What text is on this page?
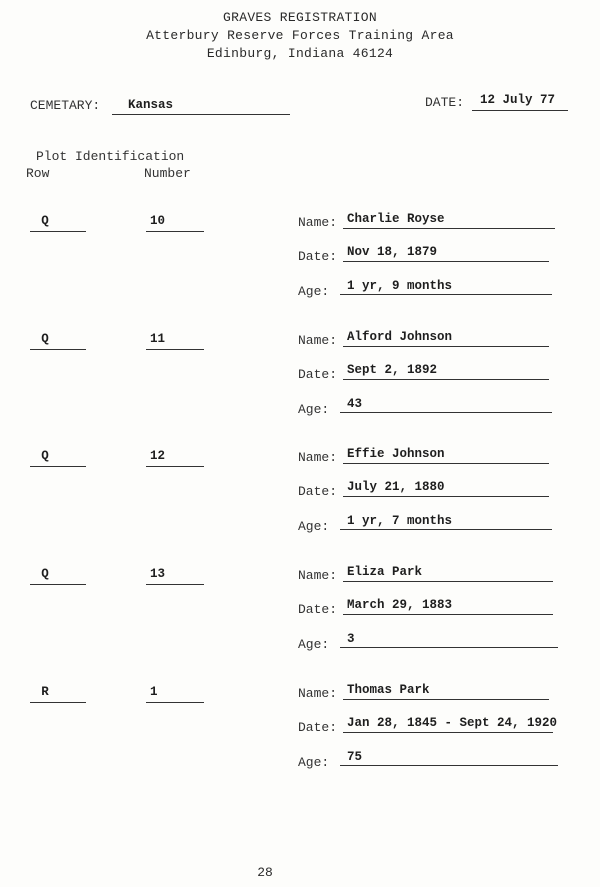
GRAVES REGISTRATION
Atterbury Reserve Forces Training Area
Edinburg, Indiana 46124
CEMETARY: Kansas	DATE: 12 July 77
Plot Identification
Row	Number
Q	10	Name: Charlie Royse
Date: Nov 18, 1879
Age: 1 yr, 9 months
Q	11	Name: Alford Johnson
Date: Sept 2, 1892
Age: 43
Q	12	Name: Effie Johnson
Date: July 21, 1880
Age: 1 yr, 7 months
Q	13	Name: Eliza Park
Date: March 29, 1883
Age: 3
R	1	Name: Thomas Park
Date: Jan 28, 1845 - Sept 24, 1920
Age: 75
28
